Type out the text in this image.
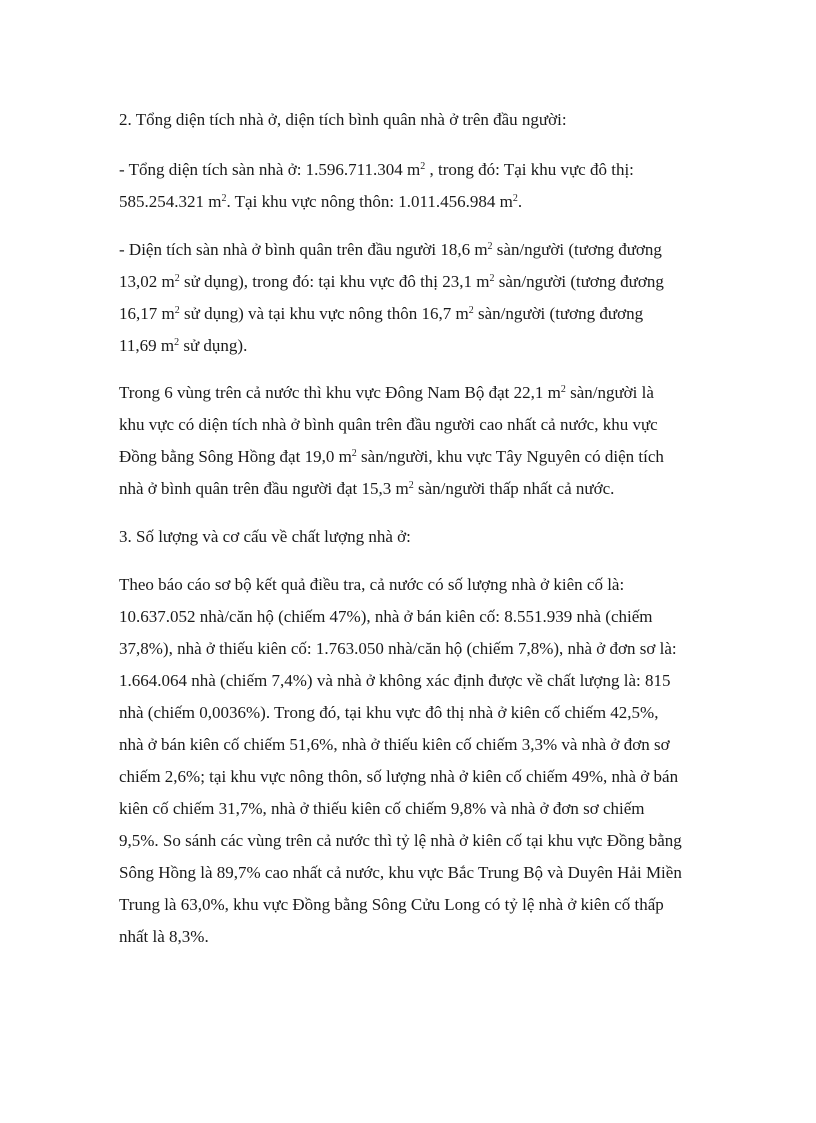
2. Tổng diện tích nhà ở, diện tích bình quân nhà ở trên đầu người:
- Tổng diện tích sàn nhà ở: 1.596.711.304 $m^2$ , trong đó: Tại khu vực đô thị:
585.254.321 $m^2$. Tại khu vực nông thôn: 1.011.456.984 $m^2$.
- Diện tích sàn nhà ở bình quân trên đầu người 18,6 $m^2$ sàn/người (tương đương
13,02 $m^2$ sử dụng), trong đó: tại khu vực đô thị 23,1 $m^2$ sàn/người (tương đương
16,17 $m^2$ sử dụng) và tại khu vực nông thôn 16,7 $m^2$ sàn/người (tương đương
11,69 $m^2$ sử dụng).
Trong 6 vùng trên cả nước thì khu vực Đông Nam Bộ đạt 22,1 $m^2$ sàn/người là
khu vực có diện tích nhà ở bình quân trên đầu người cao nhất cả nước, khu vực
Đồng bằng Sông Hồng đạt 19,0 $m^2$ sàn/người, khu vực Tây Nguyên có diện tích
nhà ở bình quân trên đầu người đạt 15,3 $m^2$ sàn/người thấp nhất cả nước.
3. Số lượng và cơ cấu về chất lượng nhà ở:
Theo báo cáo sơ bộ kết quả điều tra, cả nước có số lượng nhà ở kiên cố là:
10.637.052 nhà/căn hộ (chiếm 47%), nhà ở bán kiên cố: 8.551.939 nhà (chiếm
37,8%), nhà ở thiếu kiên cố: 1.763.050 nhà/căn hộ (chiếm 7,8%), nhà ở đơn sơ là:
1.664.064 nhà (chiếm 7,4%) và nhà ở không xác định được về chất lượng là: 815
nhà (chiếm 0,0036%). Trong đó, tại khu vực đô thị nhà ở kiên cố chiếm 42,5%,
nhà ở bán kiên cố chiếm 51,6%, nhà ở thiếu kiên cố chiếm 3,3% và nhà ở đơn sơ
chiếm 2,6%; tại khu vực nông thôn, số lượng nhà ở kiên cố chiếm 49%, nhà ở bán
kiên cố chiếm 31,7%, nhà ở thiếu kiên cố chiếm 9,8% và nhà ở đơn sơ chiếm
9,5%. So sánh các vùng trên cả nước thì tỷ lệ nhà ở kiên cố tại khu vực Đồng bằng
Sông Hồng là 89,7% cao nhất cả nước, khu vực Bắc Trung Bộ và Duyên Hải Miền
Trung là 63,0%, khu vực Đồng bằng Sông Cửu Long có tỷ lệ nhà ở kiên cố thấp
nhất là 8,3%.
